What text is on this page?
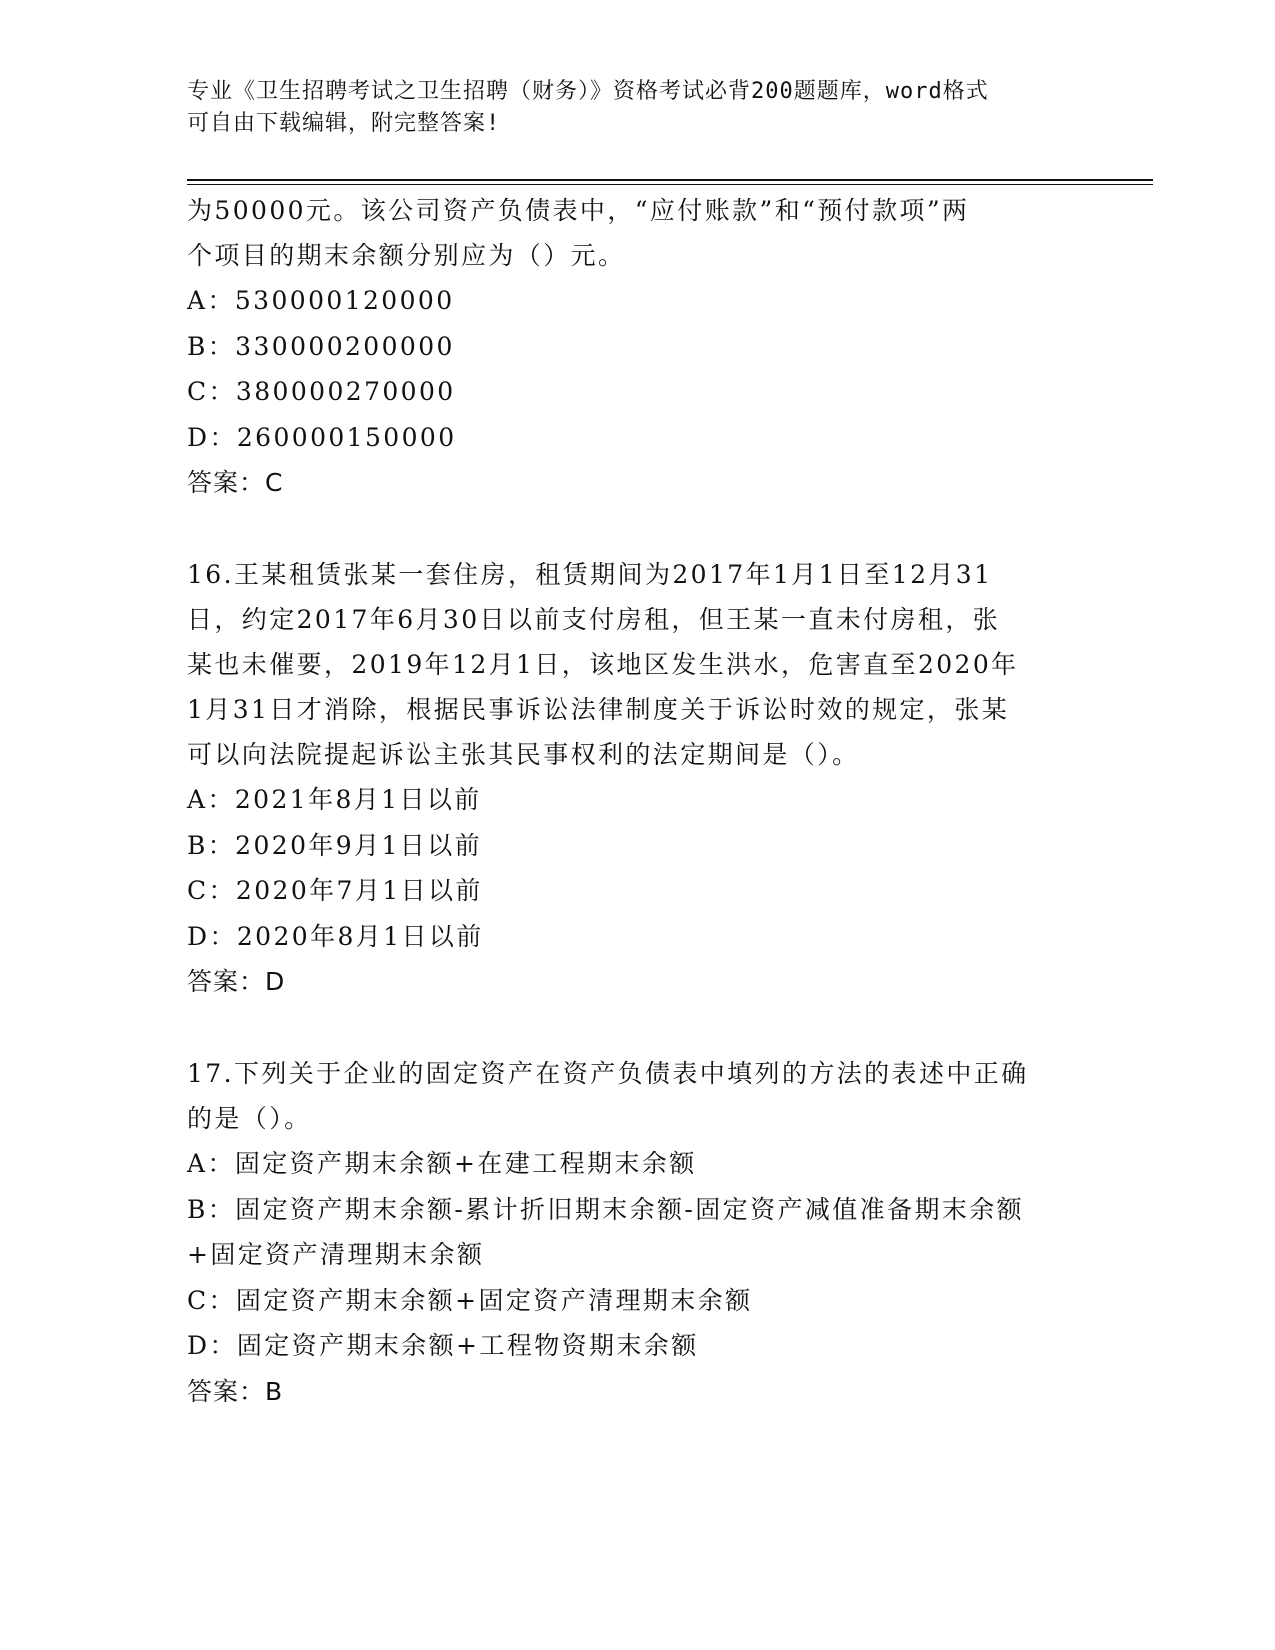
专业《卫生招聘考试之卫生招聘（财务）》资格考试必背200题题库，word格式
可自由下载编辑，附完整答案!

为50000元。该公司资产负债表中，“应付账款”和“预付款项”两

个项目的期末余额分别应为（）元。

A：530000120000

B：330000200000

C：380000270000

D：260000150000

答案：C

16.王某租赁张某一套住房，租赁期间为2017年1月1日至12月31

日，约定2017年6月30日以前支付房租，但王某一直未付房租，张

某也未催要，2019年12月1日，该地区发生洪水，危害直至2020年

1月31日才消除，根据民事诉讼法律制度关于诉讼时效的规定，张某

可以向法院提起诉讼主张其民事权利的法定期间是（）。

A：2021年8月1日以前

B：2020年9月1日以前

C：2020年7月1日以前

D：2020年8月1日以前

答案：D

17.下列关于企业的固定资产在资产负债表中填列的方法的表述中正确

的是（）。

A：固定资产期末余额+在建工程期末余额

B：固定资产期末余额-累计折旧期末余额-固定资产减值准备期末余额

+固定资产清理期末余额

C：固定资产期末余额+固定资产清理期末余额

D：固定资产期末余额+工程物资期末余额

答案：B
